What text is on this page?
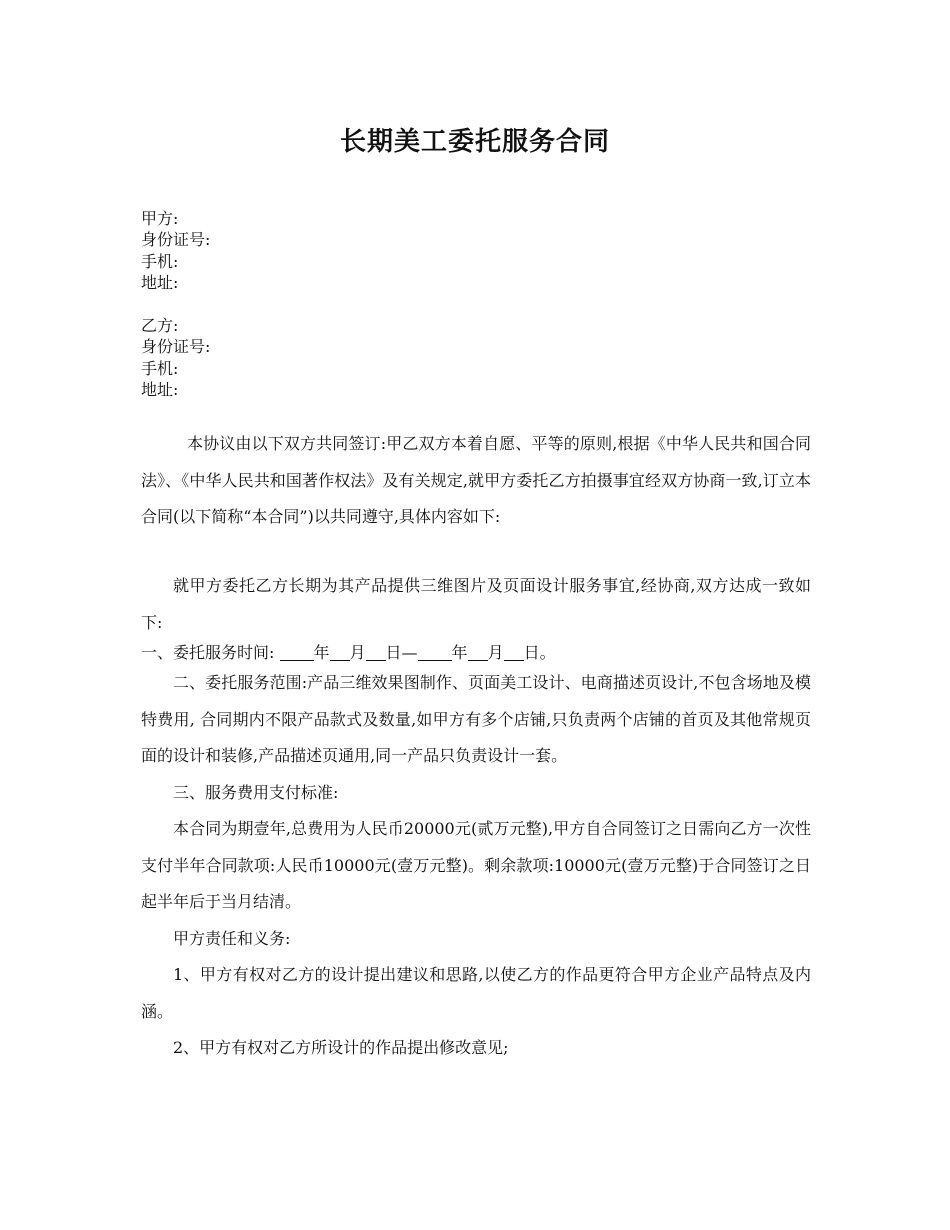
长期美工委托服务合同
甲方:
身份证号:
手机:
地址:
乙方:
身份证号:
手机:
地址:

本协议由以下双方共同签订:甲乙双方本着自愿、平等的原则,根据《中华人民共和国合同法》、《中华人民共和国著作权法》及有关规定,就甲方委托乙方拍摄事宜经双方协商一致,订立本合同(以下简称“本合同”)以共同遵守,具体内容如下:

就甲方委托乙方长期为其产品提供三维图片及页面设计服务事宜,经协商,双方达成一致如下:

一、委托服务时间: 年 月 日— 年 月 日。

二、委托服务范围:产品三维效果图制作、页面美工设计、电商描述页设计,不包含场地及模特费用, 合同期内不限产品款式及数量,如甲方有多个店铺,只负责两个店铺的首页及其他常规页面的设计和装修,产品描述页通用,同一产品只负责设计一套。

三、服务费用支付标准:

本合同为期壹年,总费用为人民币20000元(贰万元整),甲方自合同签订之日需向乙方一次性支付半年合同款项:人民币10000元(壹万元整)。剩余款项:10000元(壹万元整)于合同签订之日起半年后于当月结清。

甲方责任和义务:

1、甲方有权对乙方的设计提出建议和思路,以使乙方的作品更符合甲方企业产品特点及内涵。

2、甲方有权对乙方所设计的作品提出修改意见;
